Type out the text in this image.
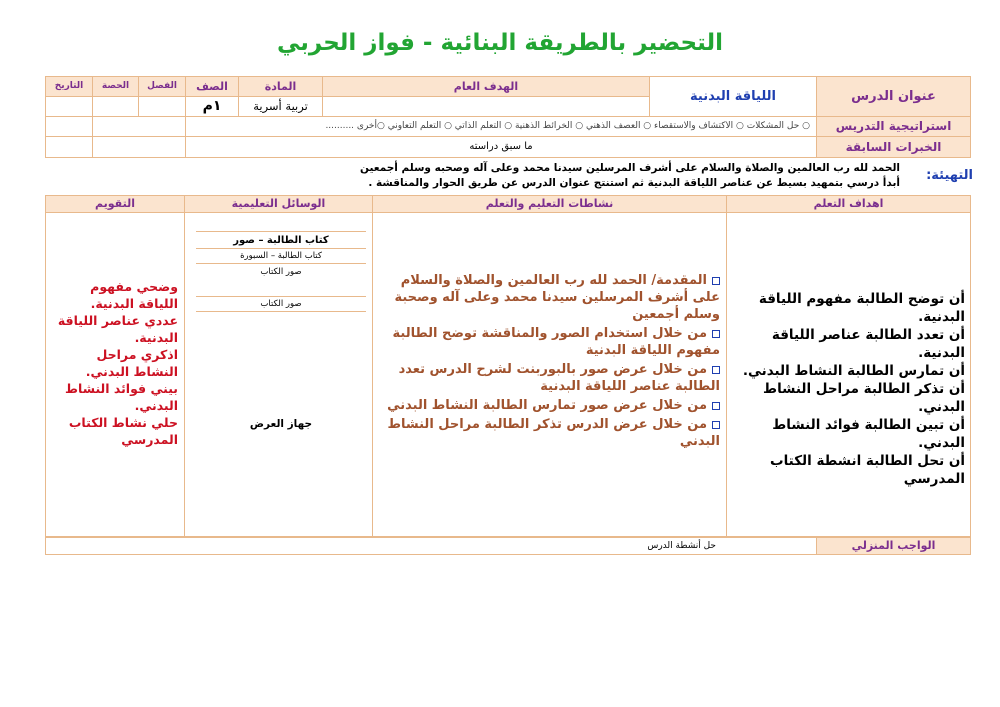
التحضير بالطريقة البنائية - فواز الحربي
عنوان الدرس
اللياقة البدنية
الهدف العام
المادة
الصف
الفصل
الحصة
التاريخ
تربية أسرية
١م
استراتيجية التدريس
○ حل المشكلات ○ الاكتشاف والاستقصاء ○ العصف الذهني ○ الخرائط الذهنية ○ التعلم الذاتي ○ التعلم التعاوني ○أخرى ..........
الخبرات السابقة
ما سبق دراسته
التهيئة:
الحمد لله رب العالمين والصلاة والسلام على أشرف المرسلين سيدنا محمد وعلى آله وصحبه وسلم أجمعين
أبدأ درسي بتمهيد بسيط عن عناصر اللياقة البدنية ثم استنتج عنوان الدرس عن طريق الحوار والمناقشة .
اهداف التعلم
نشاطات التعليم والتعلم
الوسائل التعليمية
التقويم
أن توضح الطالبة مفهوم اللياقة البدنية.
أن تعدد الطالبة عناصر اللياقة البدنية.
أن تمارس الطالبة النشاط البدني.
أن تذكر الطالبة مراحل النشاط البدني.
أن تبين الطالبة فوائد النشاط البدني.
أن تحل الطالبة انشطة الكتاب المدرسي
المقدمة/ الحمد لله رب العالمين والصلاة والسلام على أشرف المرسلين سيدنا محمد وعلى آله وصحبة وسلم أجمعين
من خلال استخدام الصور والمناقشة توضح الطالبة مفهوم اللياقة البدنية
من خلال عرض صور بالبوربنت لشرح الدرس تعدد الطالبة عناصر اللياقة البدنية
من خلال عرض صور تمارس الطالبة النشاط البدني
من خلال عرض الدرس تذكر الطالبة مراحل النشاط البدني
كتاب الطالبة – صور
كتاب الطالبة – السبورة
صور الكتاب
صور الكتاب
جهاز العرض
وضحي مفهوم اللياقة البدنية.
عددي عناصر اللياقة البدنية.
اذكري مراحل النشاط البدني.
بيني فوائد النشاط البدني.
حلي نشاط الكتاب المدرسي
الواجب المنزلي
حل أنشطة الدرس
